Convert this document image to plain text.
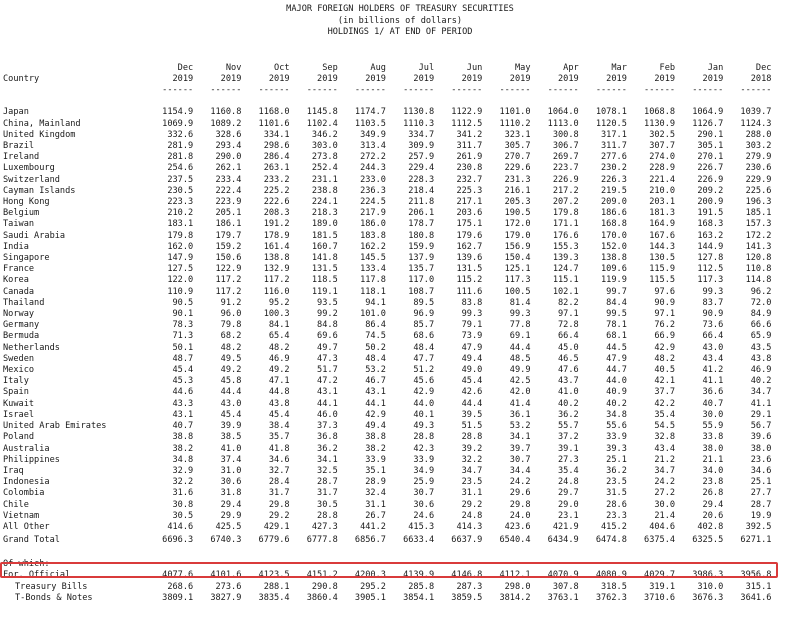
MAJOR FOREIGN HOLDERS OF TREASURY SECURITIES
(in billions of dollars)
HOLDINGS 1/ AT END OF PERIOD
	Dec	Nov	Oct	Sep	Aug	Jul	Jun	May	Apr	Mar	Feb	Jan	Dec
Country	2019	2019	2019	2019	2019	2019	2019	2019	2019	2019	2019	2019	2018
	------	------	------	------	------	------	------	------	------	------	------	------	------

Japan	1154.9	1160.8	1168.0	1145.8	1174.7	1130.8	1122.9	1101.0	1064.0	1078.1	1068.8	1064.9	1039.7
China, Mainland	1069.9	1089.2	1101.6	1102.4	1103.5	1110.3	1112.5	1110.2	1113.0	1120.5	1130.9	1126.7	1124.3
United Kingdom	332.6	328.6	334.1	346.2	349.9	334.7	341.2	323.1	300.8	317.1	302.5	290.1	288.0
Brazil	281.9	293.4	298.6	303.0	313.4	309.9	311.7	305.7	306.7	311.7	307.7	305.1	303.2
Ireland	281.8	290.0	286.4	273.8	272.2	257.9	261.9	270.7	269.7	277.6	274.0	270.1	279.9
Luxembourg	254.6	262.1	263.1	252.4	244.3	229.4	230.8	229.6	223.7	230.2	228.9	226.7	230.6
Switzerland	237.5	233.4	233.2	231.1	233.0	228.3	232.7	231.3	226.9	226.3	221.4	226.9	229.9
Cayman Islands	230.5	222.4	225.2	238.8	236.3	218.4	225.3	216.1	217.2	219.5	210.0	209.2	225.6
Hong Kong	223.3	223.9	222.6	224.1	224.5	211.8	217.1	205.3	207.2	209.0	203.1	200.9	196.3
Belgium	210.2	205.1	208.3	218.3	217.9	206.1	203.6	190.5	179.8	186.6	181.3	191.5	185.1
Taiwan	183.1	186.1	191.2	189.0	186.0	178.7	175.1	172.0	171.1	168.8	164.9	168.3	157.3
Saudi Arabia	179.8	179.7	178.9	181.5	183.8	180.8	179.6	179.0	176.6	170.0	167.6	163.2	172.2
India	162.0	159.2	161.4	160.7	162.2	159.9	162.7	156.9	155.3	152.0	144.3	144.9	141.3
Singapore	147.9	150.6	138.8	141.8	145.5	137.9	139.6	150.4	139.3	138.8	130.5	127.8	120.8
France	127.5	122.9	132.9	131.5	133.4	135.7	131.5	125.1	124.7	109.6	115.9	112.5	110.8
Korea	122.0	117.2	117.2	118.5	117.8	117.0	115.2	117.3	115.1	119.9	115.5	117.3	114.8
Canada	110.9	117.2	116.0	119.1	118.1	108.7	111.6	100.5	102.1	99.7	97.6	99.3	96.2
Thailand	90.5	91.2	95.2	93.5	94.1	89.5	83.8	81.4	82.2	84.4	90.9	83.7	72.0
Norway	90.1	96.0	100.3	99.2	101.0	96.9	99.3	99.3	97.1	99.5	97.1	90.9	84.9
Germany	78.3	79.8	84.1	84.8	86.4	85.7	79.1	77.8	72.8	78.1	76.2	73.6	66.6
Bermuda	71.3	68.2	65.4	69.6	74.5	68.6	73.9	69.1	66.4	68.1	66.9	66.4	65.9
Netherlands	50.1	48.2	48.2	49.7	50.2	48.4	47.9	44.4	45.0	44.5	42.9	43.0	43.5
Sweden	48.7	49.5	46.9	47.3	48.4	47.7	49.4	48.5	46.5	47.9	48.2	43.4	43.8
Mexico	45.4	49.2	49.2	51.7	53.2	51.2	49.0	49.9	47.6	44.7	40.5	41.2	46.9
Italy	45.3	45.8	47.1	47.2	46.7	45.6	45.4	42.5	43.7	44.0	42.1	41.1	40.2
Spain	44.6	44.4	44.8	43.1	43.1	42.9	42.6	42.0	41.0	40.9	37.7	36.6	34.7
Kuwait	43.3	43.0	43.8	44.1	44.1	44.0	44.4	41.4	40.2	40.2	42.2	40.7	41.1
Israel	43.1	45.4	45.4	46.0	42.9	40.1	39.5	36.1	36.2	34.8	35.4	30.0	29.1
United Arab Emirates	40.7	39.9	38.4	37.3	49.4	49.3	51.5	53.2	55.7	55.6	54.5	55.9	56.7
Poland	38.8	38.5	35.7	36.8	38.8	28.8	28.8	34.1	37.2	33.9	32.8	33.8	39.6
Australia	38.2	41.0	41.8	36.2	38.2	42.3	39.2	39.7	39.1	39.3	43.4	38.0	38.0
Philippines	34.8	37.4	34.6	34.1	33.9	33.9	32.2	30.7	27.3	25.1	21.2	21.1	23.6
Iraq	32.9	31.0	32.7	32.5	35.1	34.9	34.7	34.4	35.4	36.2	34.7	34.0	34.6
Indonesia	32.2	30.6	28.4	28.7	28.9	25.9	23.5	24.2	24.8	23.5	24.2	23.8	25.1
Colombia	31.6	31.8	31.7	31.7	32.4	30.7	31.1	29.6	29.7	31.5	27.2	26.8	27.7
Chile	30.8	29.4	29.8	30.5	31.1	30.6	29.2	29.8	29.0	28.6	30.0	29.4	28.7
Vietnam	30.5	29.9	29.2	28.8	26.7	24.6	24.8	24.0	23.1	23.3	21.4	20.6	19.9
All Other	414.6	425.5	429.1	427.3	441.2	415.3	414.3	423.6	421.9	415.2	404.6	402.8	392.5
Grand Total	6696.3	6740.3	6779.6	6777.8	6856.7	6633.4	6637.9	6540.4	6434.9	6474.8	6375.4	6325.5	6271.1

Of which:													
For. Official	4077.6	4101.6	4123.5	4151.2	4200.3	4139.9	4146.8	4112.1	4070.9	4080.9	4029.7	3986.3	3956.8
Treasury Bills	268.6	273.6	288.1	290.8	295.2	285.8	287.3	298.0	307.8	318.5	319.1	310.0	315.1
T-Bonds & Notes	3809.1	3827.9	3835.4	3860.4	3905.1	3854.1	3859.5	3814.2	3763.1	3762.3	3710.6	3676.3	3641.6
